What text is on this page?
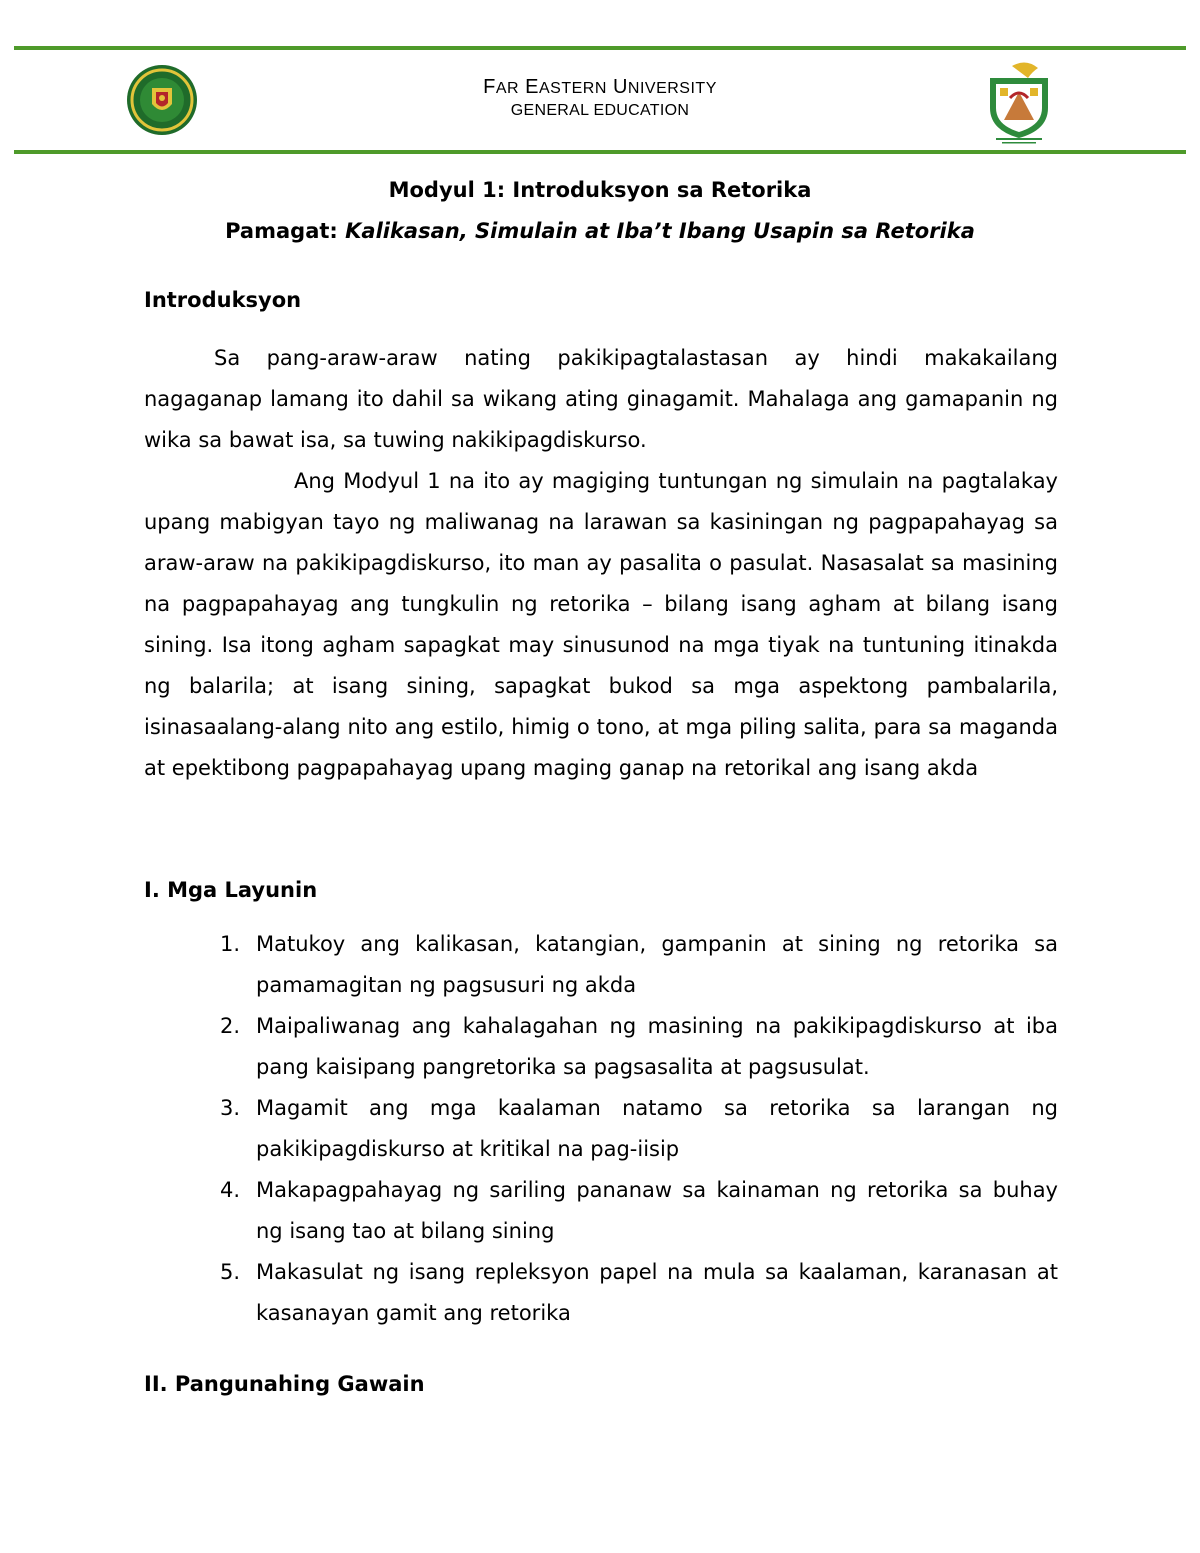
FAR EASTERN UNIVERSITY
GENERAL EDUCATION
Modyul 1: Introduksyon sa Retorika
Pamagat: Kalikasan, Simulain at Iba’t Ibang Usapin sa Retorika
Introduksyon
Sa pang-araw-araw nating pakikipagtalastasan ay hindi makakailang nagaganap lamang ito dahil sa wikang ating ginagamit. Mahalaga ang gamapanin ng wika sa bawat isa, sa tuwing nakikipagdiskurso.
Ang Modyul 1 na ito ay magiging tuntungan ng simulain na pagtalakay upang mabigyan tayo ng maliwanag na larawan sa kasiningan ng pagpapahayag sa araw-araw na pakikipagdiskurso, ito man ay pasalita o pasulat. Nasasalat sa masining na pagpapahayag ang tungkulin ng retorika – bilang isang agham at bilang isang sining. Isa itong agham sapagkat may sinusunod na mga tiyak na tuntuning itinakda ng balarila; at isang sining, sapagkat bukod sa mga aspektong pambalarila, isinasaalang-alang nito ang estilo, himig o tono, at mga piling salita, para sa maganda at epektibong pagpapahayag upang maging ganap na retorikal ang isang akda
I. Mga Layunin
1. Matukoy ang kalikasan, katangian, gampanin at sining ng retorika sa pamamagitan ng pagsusuri ng akda
2. Maipaliwanag ang kahalagahan ng masining na pakikipagdiskurso at iba pang kaisipang pangretorika sa pagsasalita at pagsusulat.
3. Magamit ang mga kaalaman natamo sa retorika sa larangan ng pakikipagdiskurso at kritikal na pag-iisip
4. Makapagpahayag ng sariling pananaw sa kainaman ng retorika sa buhay ng isang tao at bilang sining
5. Makasulat ng isang repleksyon papel na mula sa kaalaman, karanasan at kasanayan gamit ang retorika
II. Pangunahing Gawain
